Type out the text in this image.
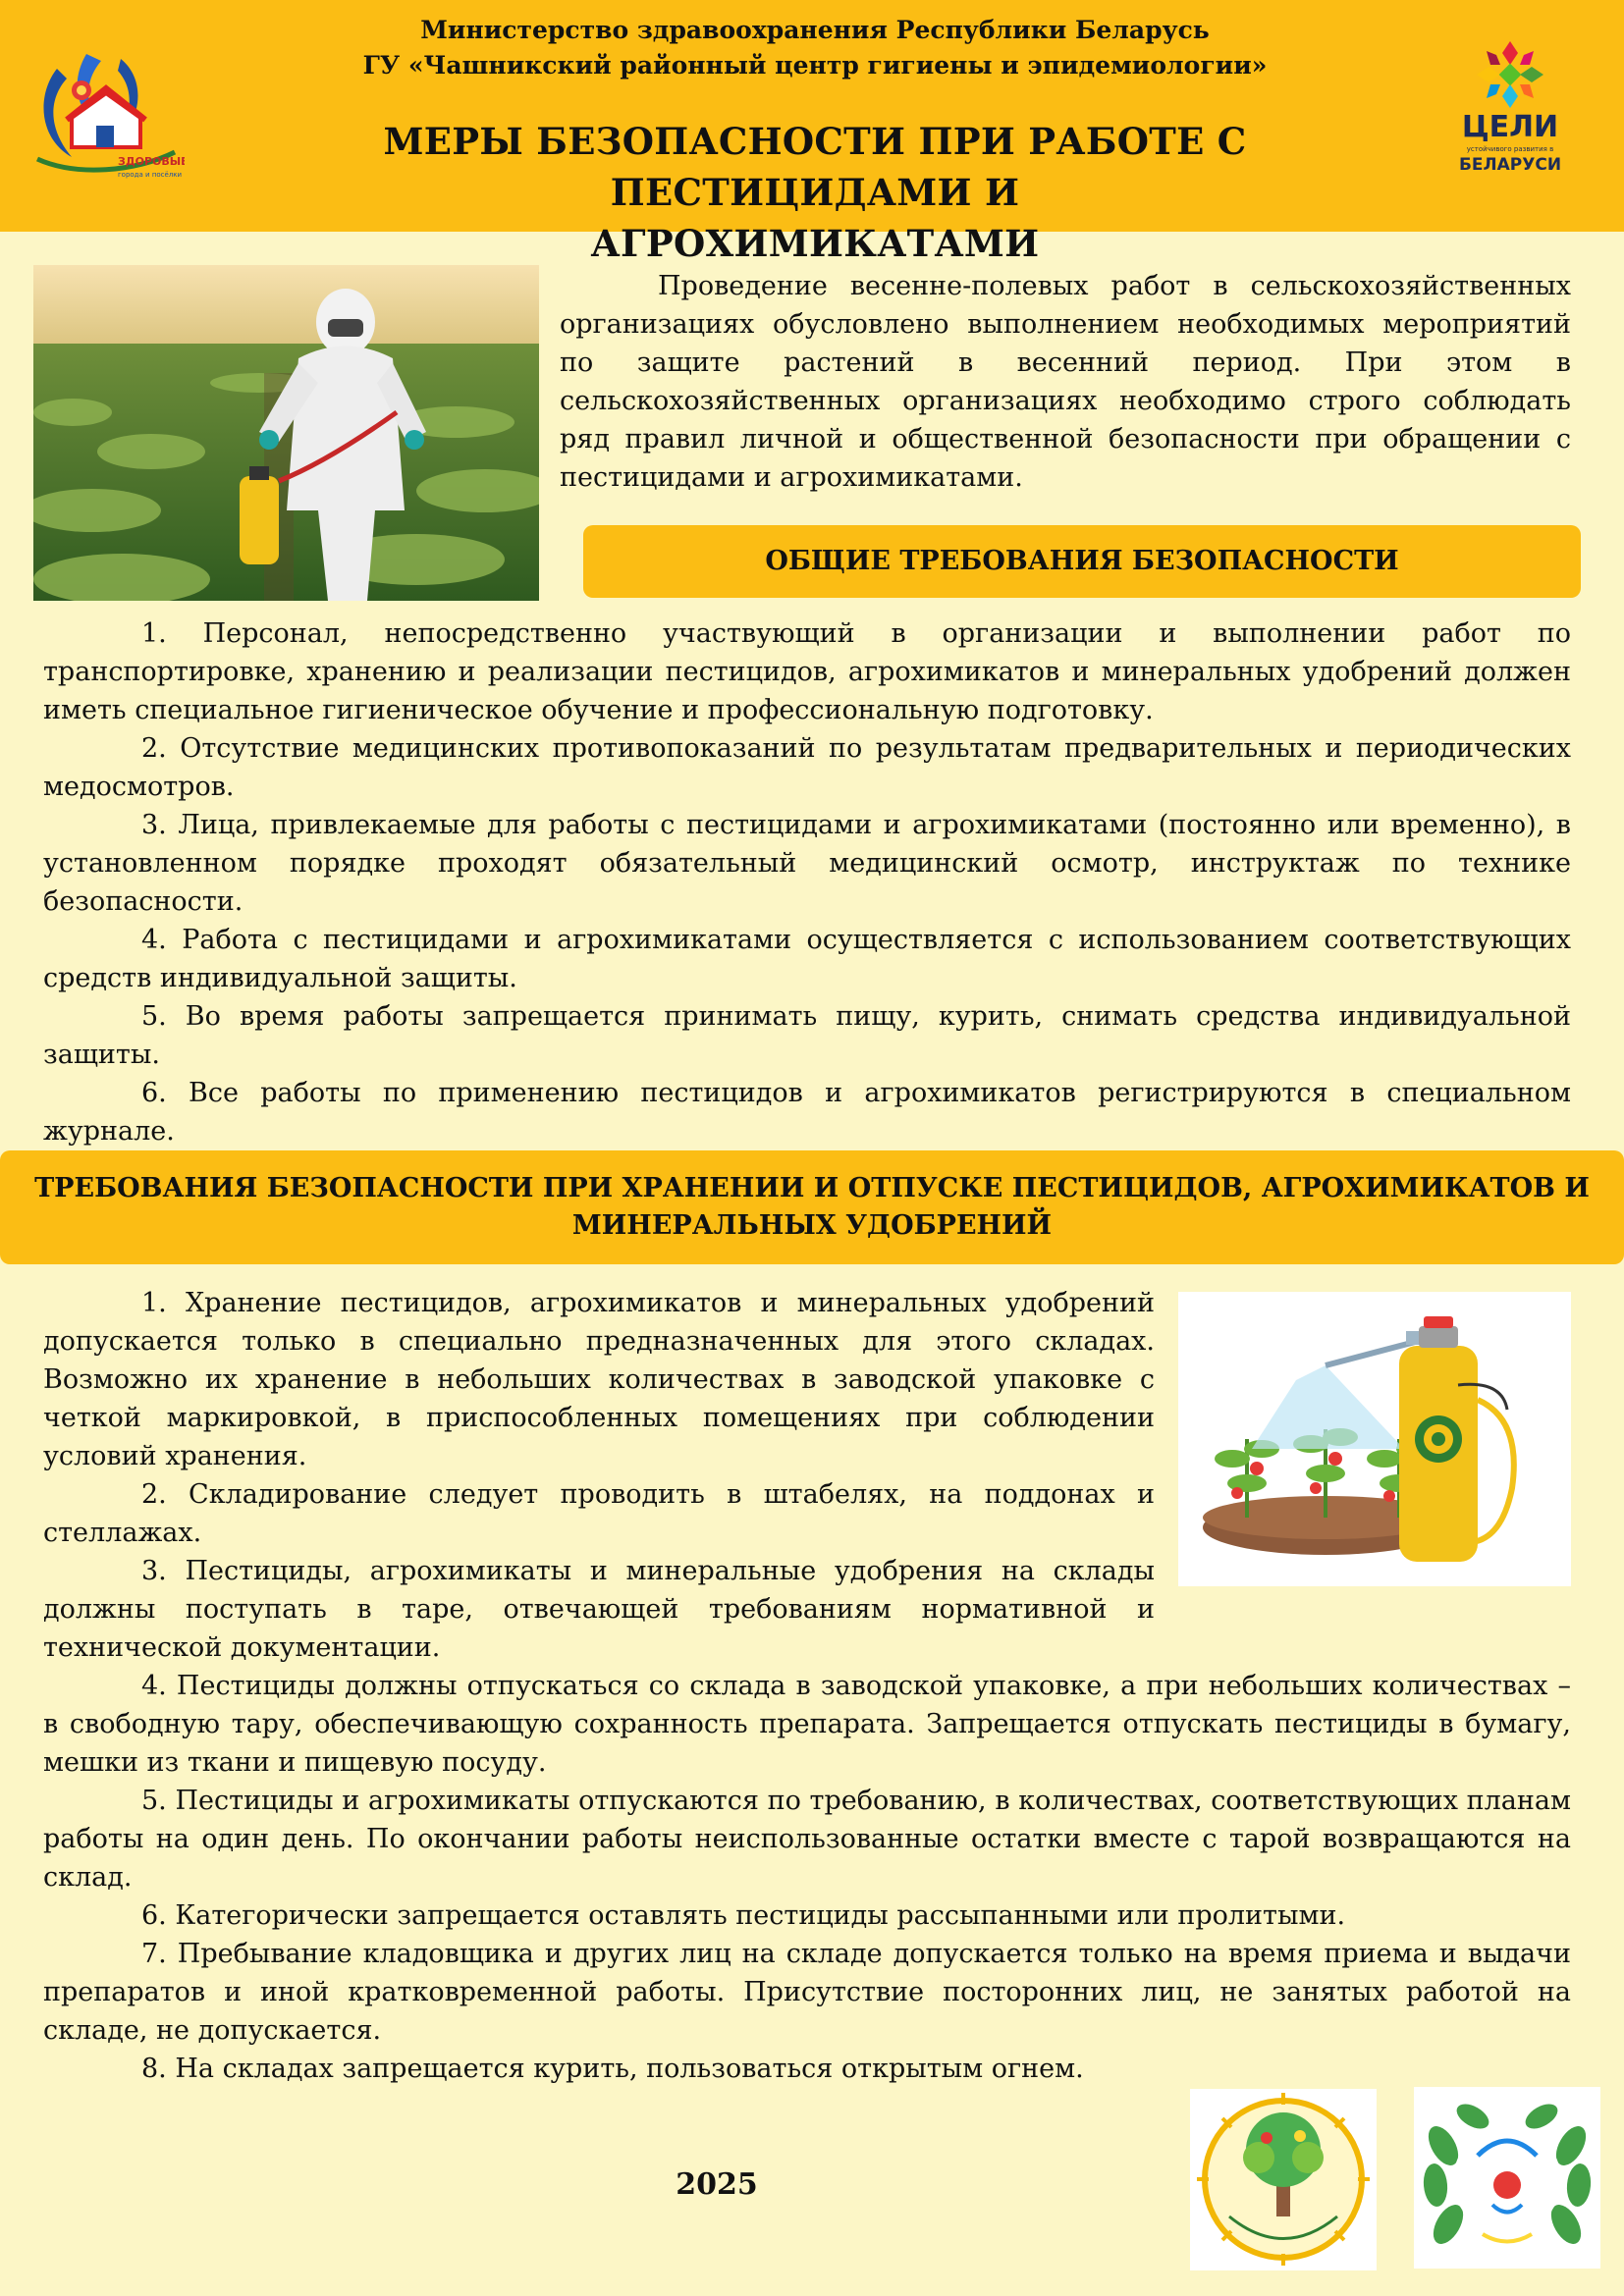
ЗДОРОВЫЕ
города и посёлки
Министерство здравоохранения Республики Беларусь
ГУ «Чашникский районный центр гигиены и эпидемиологии»
МЕРЫ БЕЗОПАСНОСТИ ПРИ РАБОТЕ С ПЕСТИЦИДАМИ И
АГРОХИМИКАТАМИ
ЦЕЛИ
устойчивого развития в
БЕЛАРУСИ
Проведение весенне-полевых работ в сельскохозяйственных организациях обусловлено выполнением необходимых мероприятий по защите растений в весенний период. При этом в сельскохозяйственных организациях необходимо строго соблюдать ряд правил личной и общественной безопасности при обращении с пестицидами и агрохимикатами.
ОБЩИЕ ТРЕБОВАНИЯ БЕЗОПАСНОСТИ

1. Персонал, непосредственно участвующий в организации и выполнении работ по транспортировке, хранению и реализации пестицидов, агрохимикатов и минеральных удобрений должен иметь специальное гигиеническое обучение и профессиональную подготовку.

2. Отсутствие медицинских противопоказаний по результатам предварительных и периодических медосмотров.

3. Лица, привлекаемые для работы с пестицидами и агрохимикатами (постоянно или временно), в установленном порядке проходят обязательный медицинский осмотр, инструктаж по технике безопасности.

4. Работа с пестицидами и агрохимикатами осуществляется с использованием соответствующих средств индивидуальной защиты.

5. Во время работы запрещается принимать пищу, курить, снимать средства индивидуальной защиты.

6. Все работы по применению пестицидов и агрохимикатов регистрируются в специальном журнале.

ТРЕБОВАНИЯ БЕЗОПАСНОСТИ ПРИ ХРАНЕНИИ И ОТПУСКЕ ПЕСТИЦИДОВ, АГРОХИМИКАТОВ И
МИНЕРАЛЬНЫХ УДОБРЕНИЙ

1. Хранение пестицидов, агрохимикатов и минеральных удобрений допускается только в специально предназначенных для этого складах. Возможно их хранение в небольших количествах в заводской упаковке с четкой маркировкой, в приспособленных помещениях при соблюдении условий хранения.

2. Складирование следует проводить в штабелях, на поддонах и стеллажах.

3. Пестициды, агрохимикаты и минеральные удобрения на склады должны поступать в таре, отвечающей требованиям нормативной и технической документации.

4. Пестициды должны отпускаться со склада в заводской упаковке, а при небольших количествах – в свободную тару, обеспечивающую сохранность препарата. Запрещается отпускать пестициды в бумагу, мешки из ткани и пищевую посуду.

5. Пестициды и агрохимикаты отпускаются по требованию, в количествах, соответствующих планам работы на один день. По окончании работы неиспользованные остатки вместе с тарой возвращаются на склад.

6. Категорически запрещается оставлять пестициды рассыпанными или пролитыми.

7. Пребывание кладовщика и других лиц на складе допускается только на время приема и выдачи препаратов и иной кратковременной работы. Присутствие посторонних лиц, не занятых работой на складе, не допускается.

8. На складах запрещается курить, пользоваться открытым огнем.

2025
